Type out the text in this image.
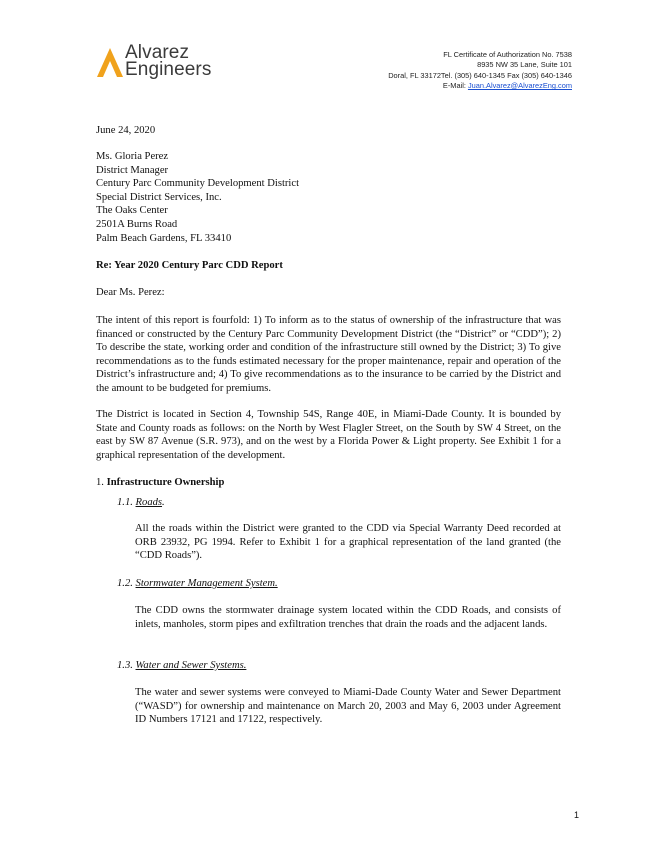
Alvarez
Engineers
FL Certificate of Authorization No. 7538
8935 NW 35 Lane, Suite 101
Doral, FL 33172Tel. (305) 640-1345 Fax (305) 640-1346
E-Mail: Juan.Alvarez@AlvarezEng.com
June 24, 2020
Ms. Gloria Perez
District Manager
Century Parc Community Development District
Special District Services, Inc.
The Oaks Center
2501A Burns Road
Palm Beach Gardens, FL 33410
Re: Year 2020 Century Parc CDD Report
Dear Ms. Perez:
The intent of this report is fourfold: 1) To inform as to the status of ownership of the infrastructure that was financed or constructed by the Century Parc Community Development District (the “District” or “CDD”); 2) To describe the state, working order and condition of the infrastructure still owned by the District; 3) To give recommendations as to the funds estimated necessary for the proper maintenance, repair and operation of the District’s infrastructure and; 4) To give recommendations as to the insurance to be carried by the District and the amount to be budgeted for premiums.
The District is located in Section 4, Township 54S, Range 40E, in Miami-Dade County. It is bounded by State and County roads as follows: on the North by West Flagler Street, on the South by SW 4 Street, on the east by SW 87 Avenue (S.R. 973), and on the west by a Florida Power & Light property. See Exhibit 1 for a graphical representation of the development.
1. Infrastructure Ownership
1.1. Roads.
All the roads within the District were granted to the CDD via Special Warranty Deed recorded at ORB 23932, PG 1994. Refer to Exhibit 1 for a graphical representation of the land granted (the “CDD Roads”).
1.2. Stormwater Management System.
The CDD owns the stormwater drainage system located within the CDD Roads, and consists of inlets, manholes, storm pipes and exfiltration trenches that drain the roads and the adjacent lands.
1.3. Water and Sewer Systems.
The water and sewer systems were conveyed to Miami-Dade County Water and Sewer Department (“WASD”) for ownership and maintenance on March 20, 2003 and May 6, 2003 under Agreement ID Numbers 17121 and 17122, respectively.
1
